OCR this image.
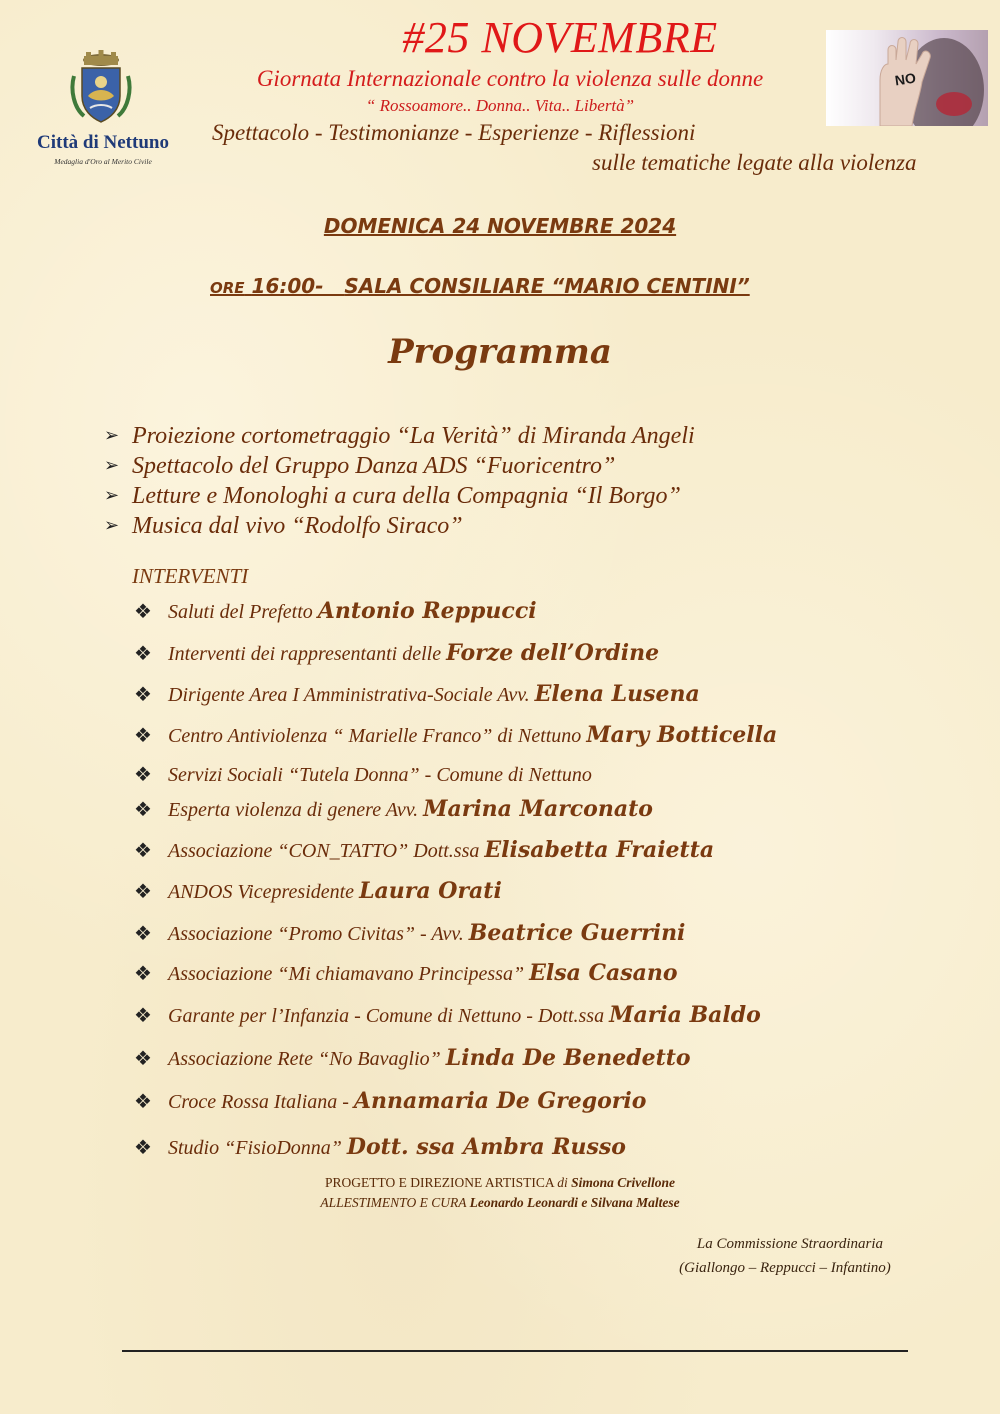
Città di Nettuno
Medaglia d'Oro al Merito Civile
#25 NOVEMBRE
Giornata Internazionale contro la violenza sulle donne
“ Rossoamore.. Donna.. Vita.. Libertà”
Spettacolo - Testimonianze - Esperienze - Riflessioni
sulle tematiche legate alla violenza
NO
DOMENICA 24 NOVEMBRE 2024
ORE 16:00- SALA CONSILIARE “MARIO CENTINI”
Programma
➢ Proiezione cortometraggio “La Verità” di Miranda Angeli
➢ Spettacolo del Gruppo Danza ADS “Fuoricentro”
➢ Letture e Monologhi a cura della Compagnia “Il Borgo”
➢ Musica dal vivo “Rodolfo Siraco”
INTERVENTI
❖ Saluti del Prefetto Antonio Reppucci
❖ Interventi dei rappresentanti delle Forze dell’Ordine
❖ Dirigente Area I Amministrativa-Sociale Avv. Elena Lusena
❖ Centro Antiviolenza “ Marielle Franco” di Nettuno Mary Botticella
❖ Servizi Sociali “Tutela Donna” - Comune di Nettuno
❖ Esperta violenza di genere Avv. Marina Marconato
❖ Associazione “CON_TATTO” Dott.ssa Elisabetta Fraietta
❖ ANDOS Vicepresidente Laura Orati
❖ Associazione “Promo Civitas” - Avv. Beatrice Guerrini
❖ Associazione “Mi chiamavano Principessa” Elsa Casano
❖ Garante per l’Infanzia - Comune di Nettuno - Dott.ssa Maria Baldo
❖ Associazione Rete “No Bavaglio” Linda De Benedetto
❖ Croce Rossa Italiana - Annamaria De Gregorio
❖ Studio “FisioDonna” Dott. ssa Ambra Russo
PROGETTO E DIREZIONE ARTISTICA di Simona Crivellone
ALLESTIMENTO E CURA Leonardo Leonardi e Silvana Maltese
La Commissione Straordinaria
(Giallongo – Reppucci – Infantino)
